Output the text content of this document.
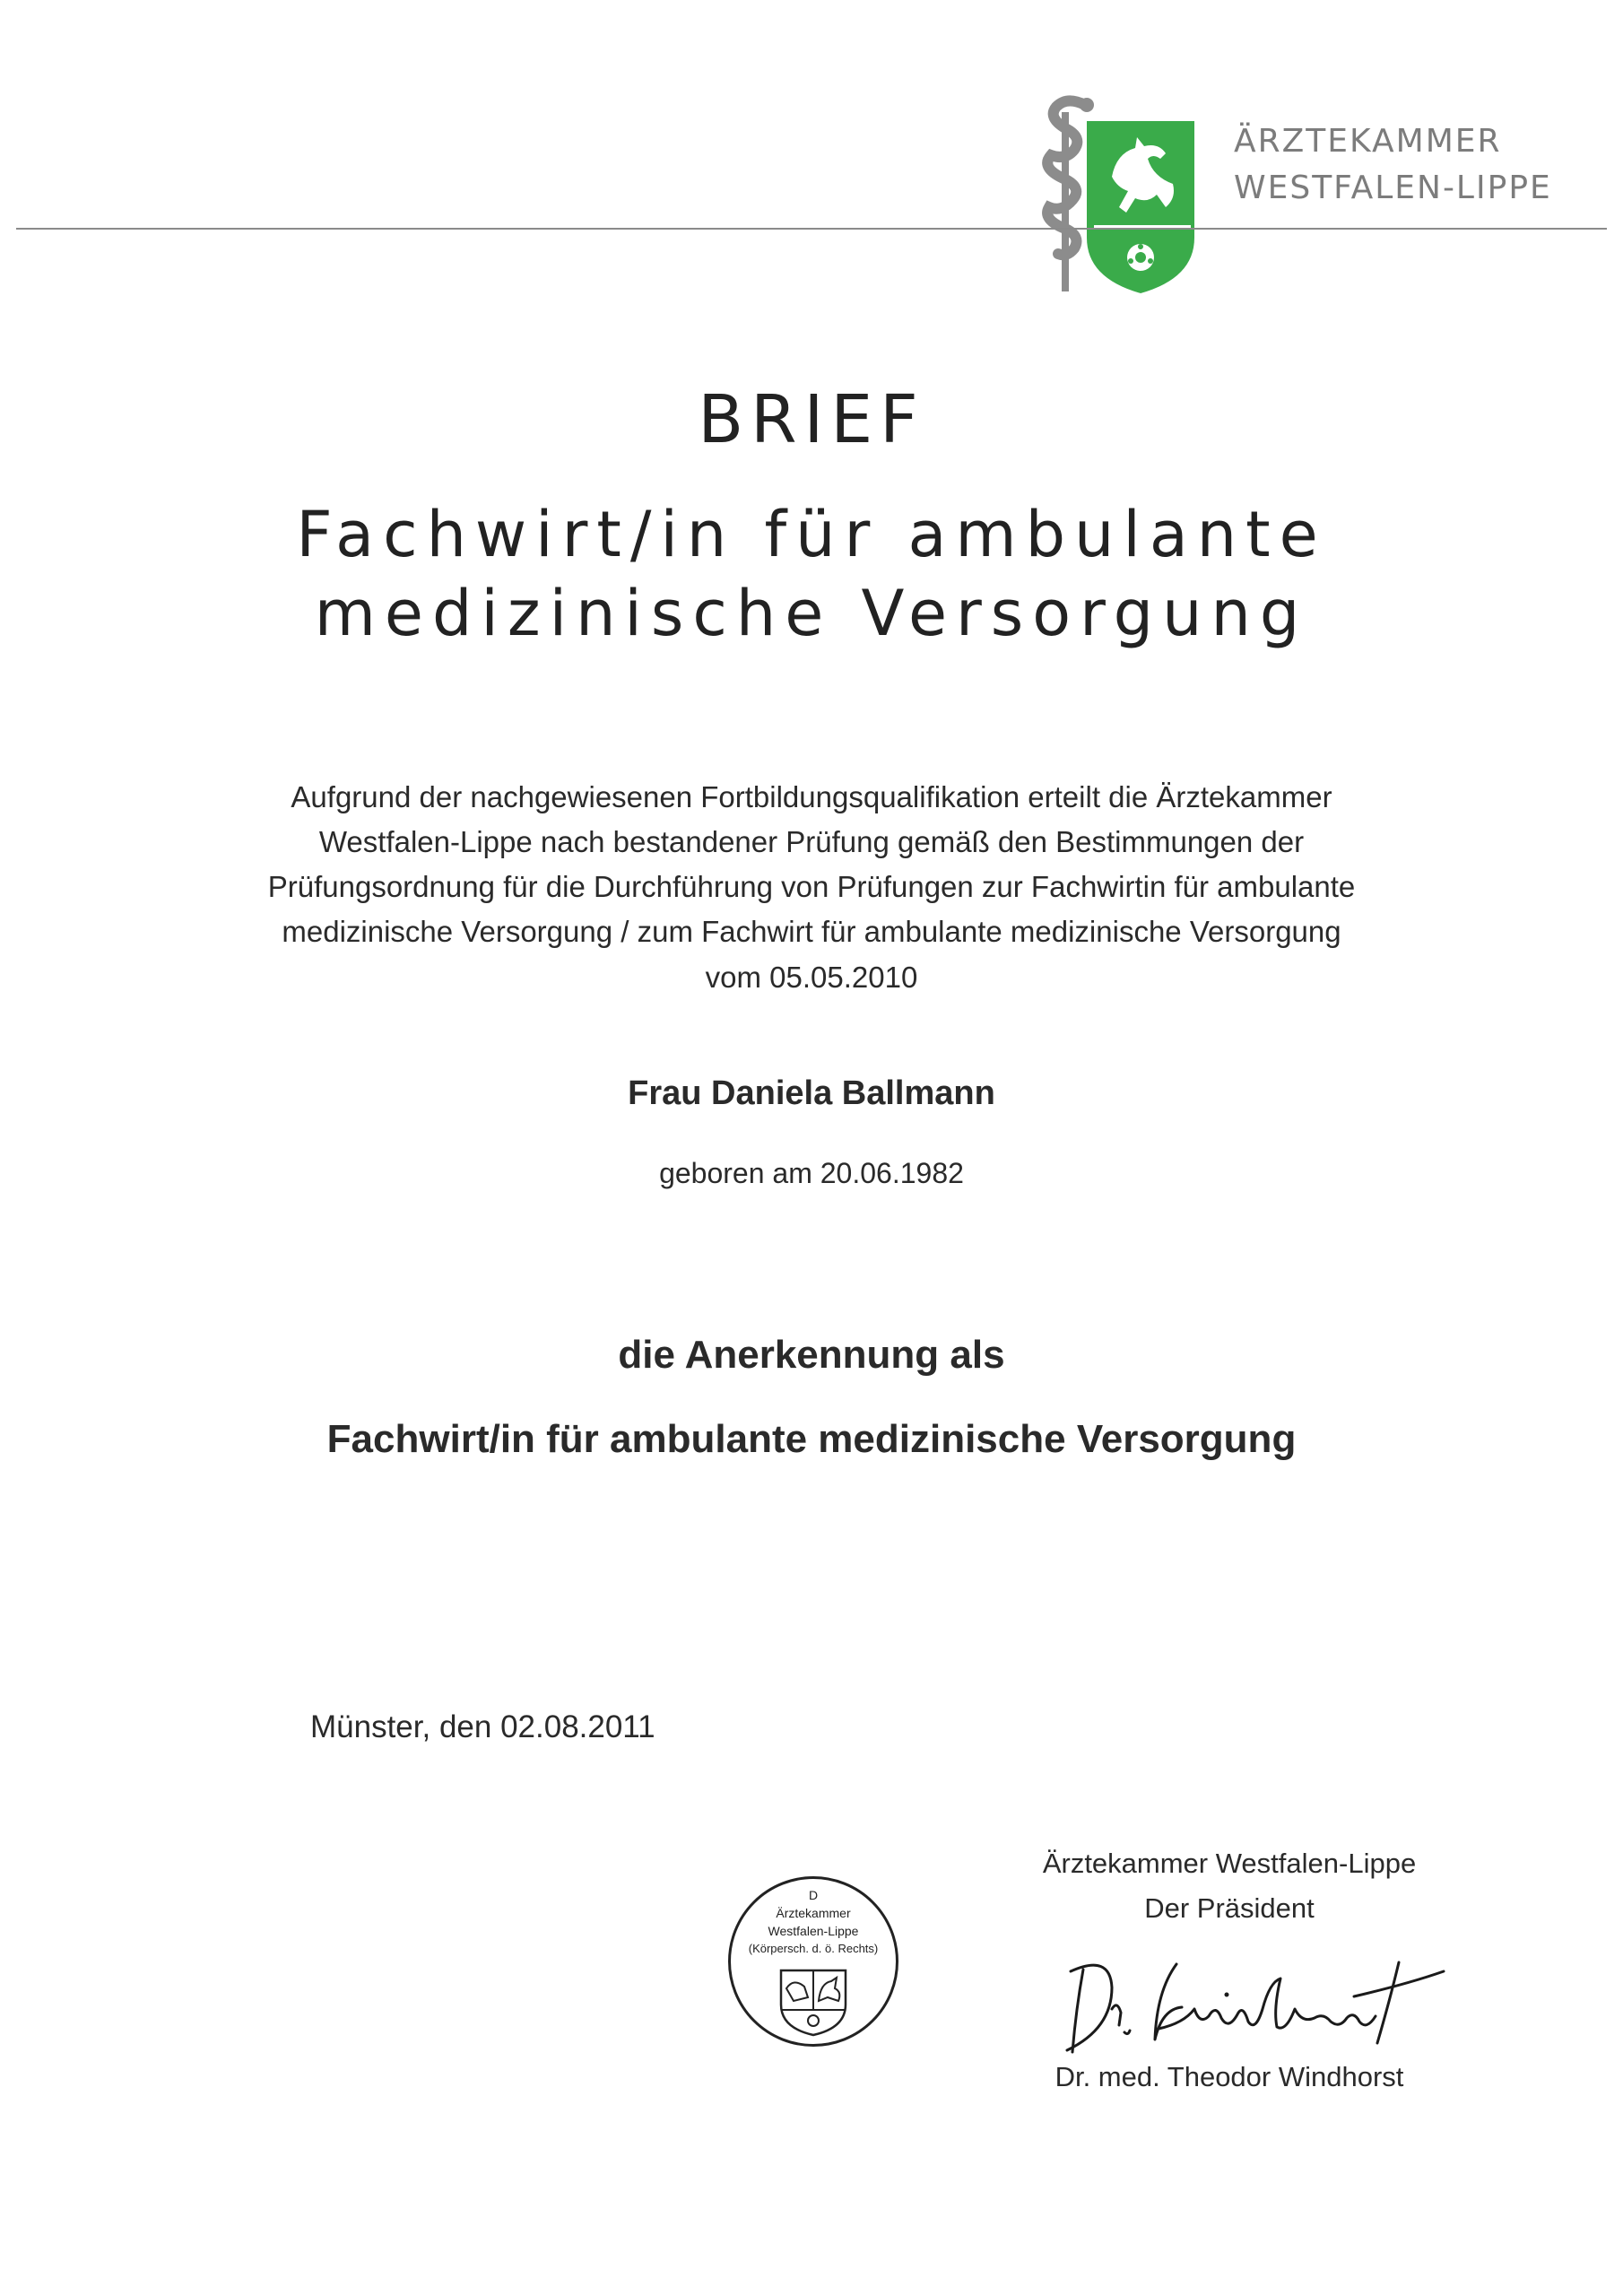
ÄRZTEKAMMER
WESTFALEN-LIPPE
BRIEF
Fachwirt/in für ambulante
medizinische Versorgung
Aufgrund der nachgewiesenen Fortbildungsqualifikation erteilt die Ärztekammer
Westfalen-Lippe nach bestandener Prüfung gemäß den Bestimmungen der
Prüfungsordnung für die Durchführung von Prüfungen zur Fachwirtin für ambulante
medizinische Versorgung / zum Fachwirt für ambulante medizinische Versorgung
vom 05.05.2010
Frau Daniela Ballmann
geboren am 20.06.1982
die Anerkennung als
Fachwirt/in für ambulante medizinische Versorgung
Münster, den 02.08.2011
D
Ärztekammer
Westfalen-Lippe
(Körpersch. d. ö. Rechts)
Ärztekammer Westfalen-Lippe
Der Präsident
Dr. med. Theodor Windhorst
